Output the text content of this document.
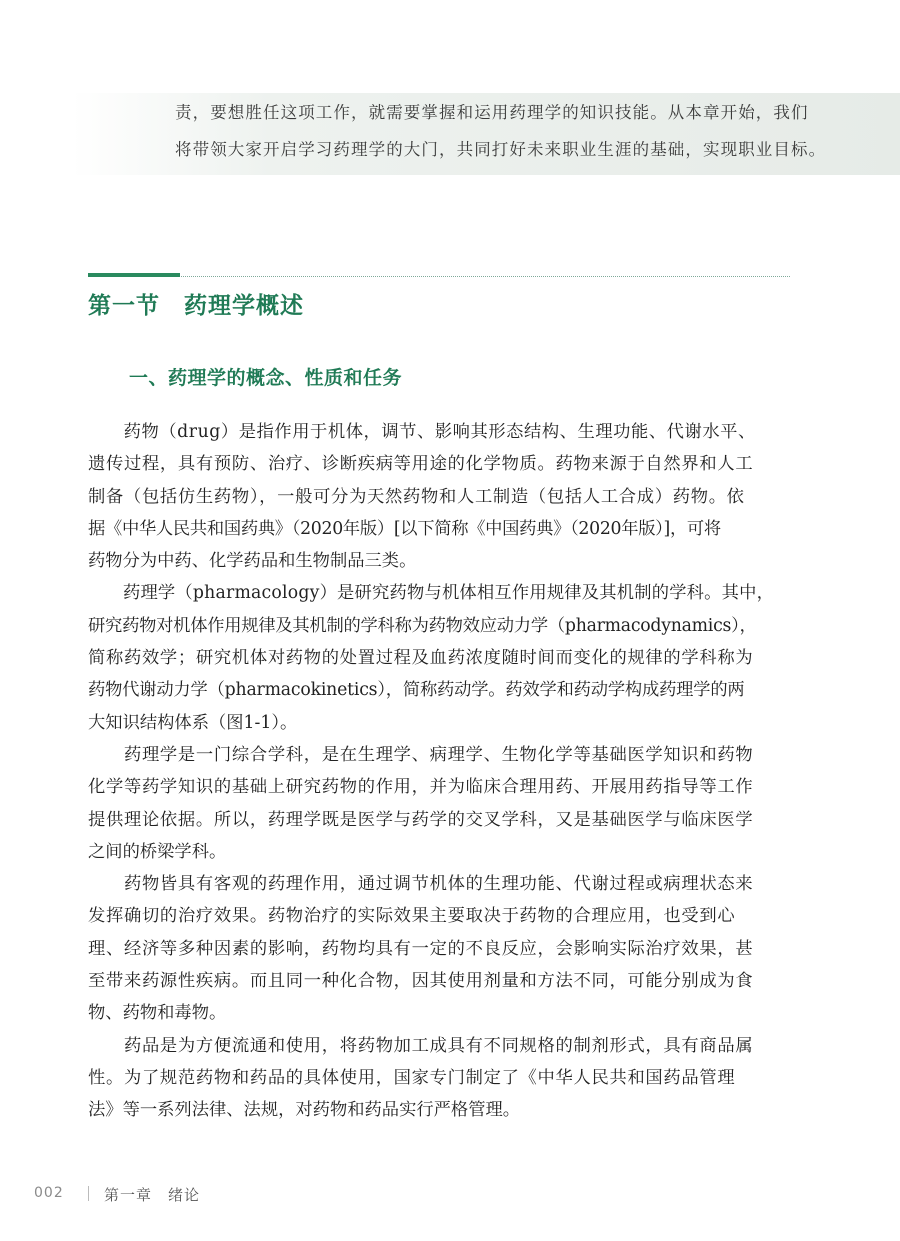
责，要想胜任这项工作，就需要掌握和运用药理学的知识技能。从本章开始，我们
将带领大家开启学习药理学的大门，共同打好未来职业生涯的基础，实现职业目标。
第一节　药理学概述
一、药理学的概念、性质和任务
　　药物（drug）是指作用于机体，调节、影响其形态结构、生理功能、代谢水平、
遗传过程，具有预防、治疗、诊断疾病等用途的化学物质。药物来源于自然界和人工
制备（包括仿生药物），一般可分为天然药物和人工制造（包括人工合成）药物。依
据《中华人民共和国药典》（2020年版）[以下简称《中国药典》（2020年版）]，可将
药物分为中药、化学药品和生物制品三类。
　　药理学（pharmacology）是研究药物与机体相互作用规律及其机制的学科。其中，
研究药物对机体作用规律及其机制的学科称为药物效应动力学（pharmacodynamics），
简称药效学；研究机体对药物的处置过程及血药浓度随时间而变化的规律的学科称为
药物代谢动力学（pharmacokinetics），简称药动学。药效学和药动学构成药理学的两
大知识结构体系（图1-1）。
　　药理学是一门综合学科，是在生理学、病理学、生物化学等基础医学知识和药物
化学等药学知识的基础上研究药物的作用，并为临床合理用药、开展用药指导等工作
提供理论依据。所以，药理学既是医学与药学的交叉学科，又是基础医学与临床医学
之间的桥梁学科。
　　药物皆具有客观的药理作用，通过调节机体的生理功能、代谢过程或病理状态来
发挥确切的治疗效果。药物治疗的实际效果主要取决于药物的合理应用，也受到心
理、经济等多种因素的影响，药物均具有一定的不良反应，会影响实际治疗效果，甚
至带来药源性疾病。而且同一种化合物，因其使用剂量和方法不同，可能分别成为食
物、药物和毒物。
　　药品是为方便流通和使用，将药物加工成具有不同规格的制剂形式，具有商品属
性。为了规范药物和药品的具体使用，国家专门制定了《中华人民共和国药品管理
法》等一系列法律、法规，对药物和药品实行严格管理。
002	第一章　绪论
